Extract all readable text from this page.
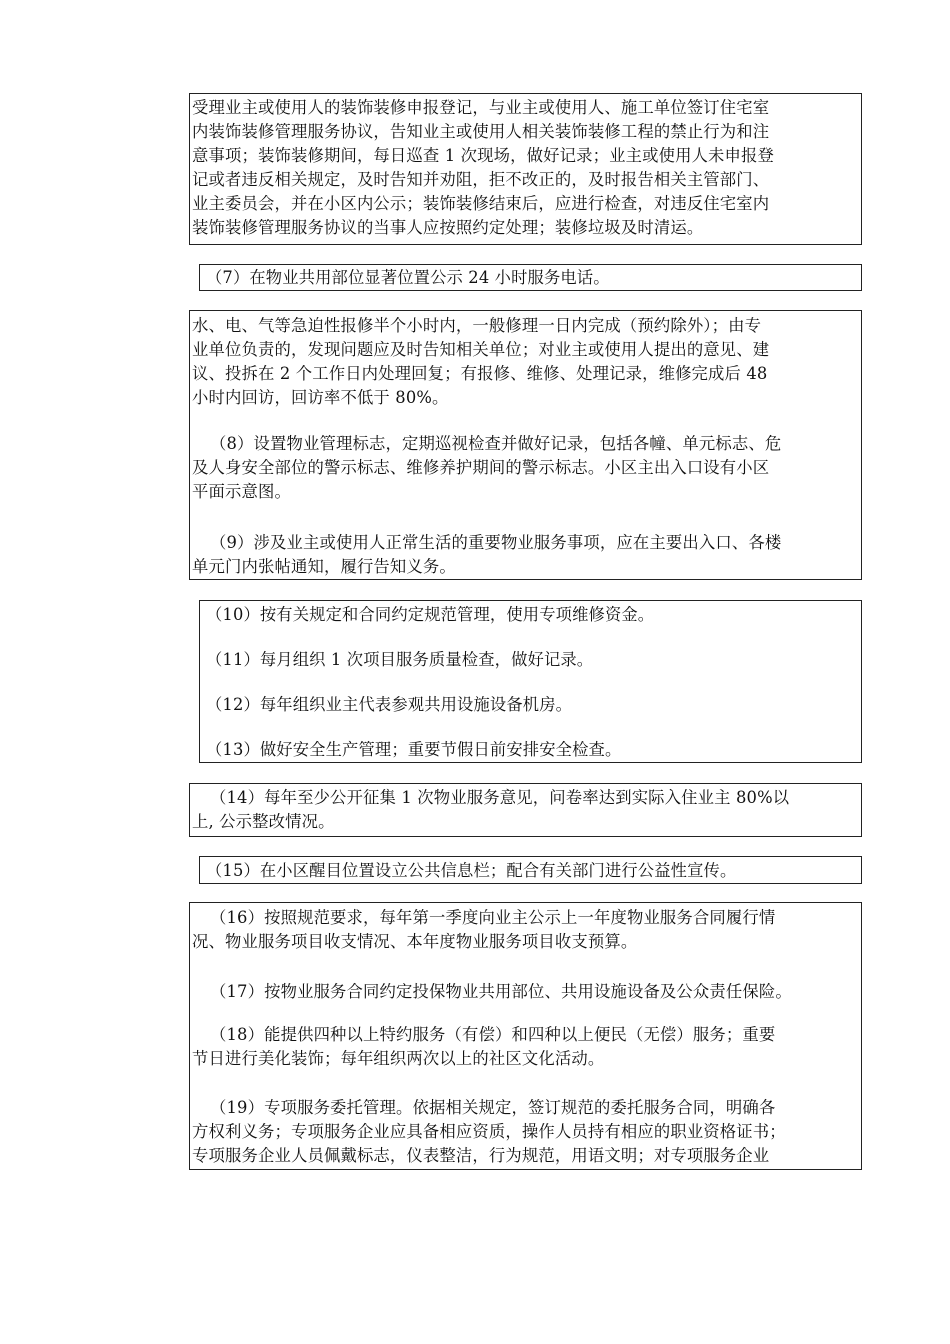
受理业主或使用人的装饰装修申报登记，与业主或使用人、施工单位签订住宅室
内装饰装修管理服务协议，告知业主或使用人相关装饰装修工程的禁止行为和注
意事项；装饰装修期间，每日巡查 1 次现场，做好记录；业主或使用人未申报登
记或者违反相关规定，及时告知并劝阻，拒不改正的，及时报告相关主管部门、
业主委员会，并在小区内公示；装饰装修结束后，应进行检查，对违反住宅室内
装饰装修管理服务协议的当事人应按照约定处理；装修垃圾及时清运。

（7）在物业共用部位显著位置公示 24 小时服务电话。

水、电、气等急迫性报修半个小时内，一般修理一日内完成（预约除外）；由专
业单位负责的，发现问题应及时告知相关单位；对业主或使用人提出的意见、建
议、投拆在 2 个工作日内处理回复；有报修、维修、处理记录，维修完成后 48
小时内回访，回访率不低于 80%。

（8）设置物业管理标志，定期巡视检查并做好记录，包括各幢、单元标志、危
及人身安全部位的警示标志、维修养护期间的警示标志。小区主出入口设有小区
平面示意图。

（9）涉及业主或使用人正常生活的重要物业服务事项，应在主要出入口、各楼
单元门内张帖通知，履行告知义务。

（10）按有关规定和合同约定规范管理，使用专项维修资金。

（11）每月组织 1 次项目服务质量检查，做好记录。

（12）每年组织业主代表参观共用设施设备机房。

（13）做好安全生产管理；重要节假日前安排安全检查。

（14）每年至少公开征集 1 次物业服务意见，问卷率达到实际入住业主 80%以
上, 公示整改情况。

（15）在小区醒目位置设立公共信息栏；配合有关部门进行公益性宣传。

（16）按照规范要求，每年第一季度向业主公示上一年度物业服务合同履行情
况、物业服务项目收支情况、本年度物业服务项目收支预算。

（17）按物业服务合同约定投保物业共用部位、共用设施设备及公众责任保险。

（18）能提供四种以上特约服务（有偿）和四种以上便民（无偿）服务；重要
节日进行美化装饰；每年组织两次以上的社区文化活动。

（19）专项服务委托管理。依据相关规定，签订规范的委托服务合同，明确各
方权利义务；专项服务企业应具备相应资质，操作人员持有相应的职业资格证书；
专项服务企业人员佩戴标志，仪表整洁，行为规范，用语文明；对专项服务企业
